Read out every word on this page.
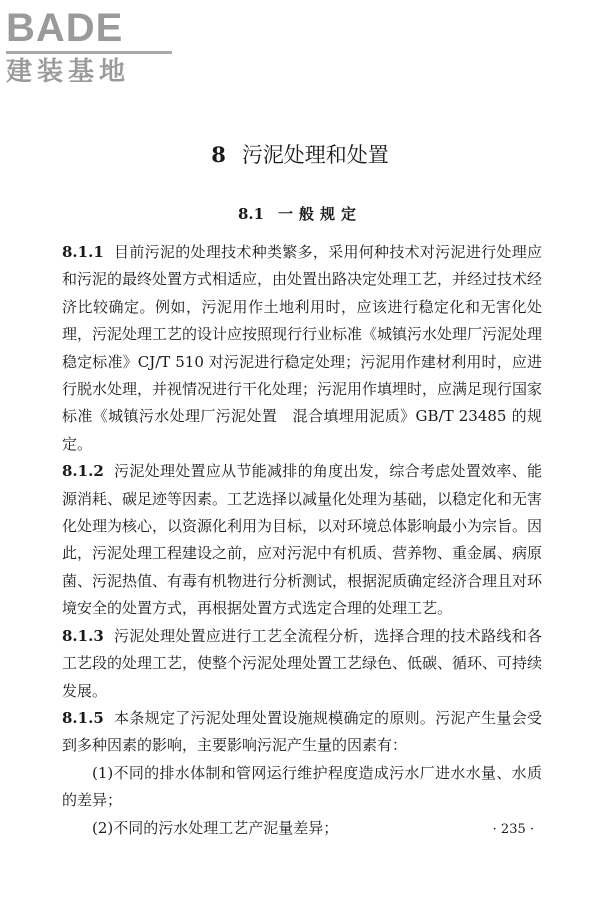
BADE
建装基地
8 污泥处理和处置
8.1 一般规定

8.1.1 目前污泥的处理技术种类繁多，采用何种技术对污泥进行处理应和污泥的最终处置方式相适应，由处置出路决定处理工艺，并经过技术经济比较确定。例如，污泥用作土地利用时，应该进行稳定化和无害化处理，污泥处理工艺的设计应按照现行行业标准《城镇污水处理厂污泥处理　稳定标准》CJ/T 510 对污泥进行稳定处理；污泥用作建材利用时，应进行脱水处理，并视情况进行干化处理；污泥用作填埋时，应满足现行国家标准《城镇污水处理厂污泥处置　混合填埋用泥质》GB/T 23485 的规定。

8.1.2 污泥处理处置应从节能减排的角度出发，综合考虑处置效率、能源消耗、碳足迹等因素。工艺选择以减量化处理为基础，以稳定化和无害化处理为核心，以资源化利用为目标，以对环境总体影响最小为宗旨。因此，污泥处理工程建设之前，应对污泥中有机质、营养物、重金属、病原菌、污泥热值、有毒有机物进行分析测试，根据泥质确定经济合理且对环境安全的处置方式，再根据处置方式选定合理的处理工艺。

8.1.3 污泥处理处置应进行工艺全流程分析，选择合理的技术路线和各工艺段的处理工艺，使整个污泥处理处置工艺绿色、低碳、循环、可持续发展。

8.1.5 本条规定了污泥处理处置设施规模确定的原则。污泥产生量会受到多种因素的影响，主要影响污泥产生量的因素有：

(1)不同的排水体制和管网运行维护程度造成污水厂进水水量、水质的差异；

(2)不同的污水处理工艺产泥量差异；	· 235 ·
